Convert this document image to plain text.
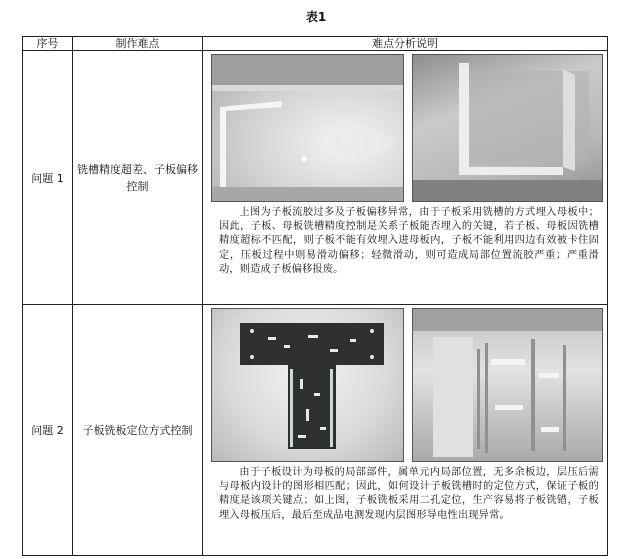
表1
序号	制作难点	难点分析说明
问题 1	铣槽精度超差、子板偏移控制	上图为子板流胶过多及子板偏移异常，由于子板采用铣槽的方式埋入母板中；因此，子板、母板铣槽精度控制是关系子板能否埋入的关键，若子板、母板因铣槽精度超标不匹配，则子板不能有效埋入进母板内，子板不能利用四边有效被卡住固定，压板过程中则易滑动偏移；轻微滑动，则可造成局部位置流胶严重；严重滑动，则造成子板偏移报废。

问题 2	子板铣板定位方式控制	由于子板设计为母板的局部部件，属单元内局部位置，无多余板边，层压后需与母板内设计的图形相匹配；因此，如何设计子板铣槽时的定位方式，保证子板的精度是该项关键点；如上图，子板铣板采用二孔定位，生产容易将子板铣错，子板埋入母板压后，最后至成品电测发现内层图形导电性出现异常。
